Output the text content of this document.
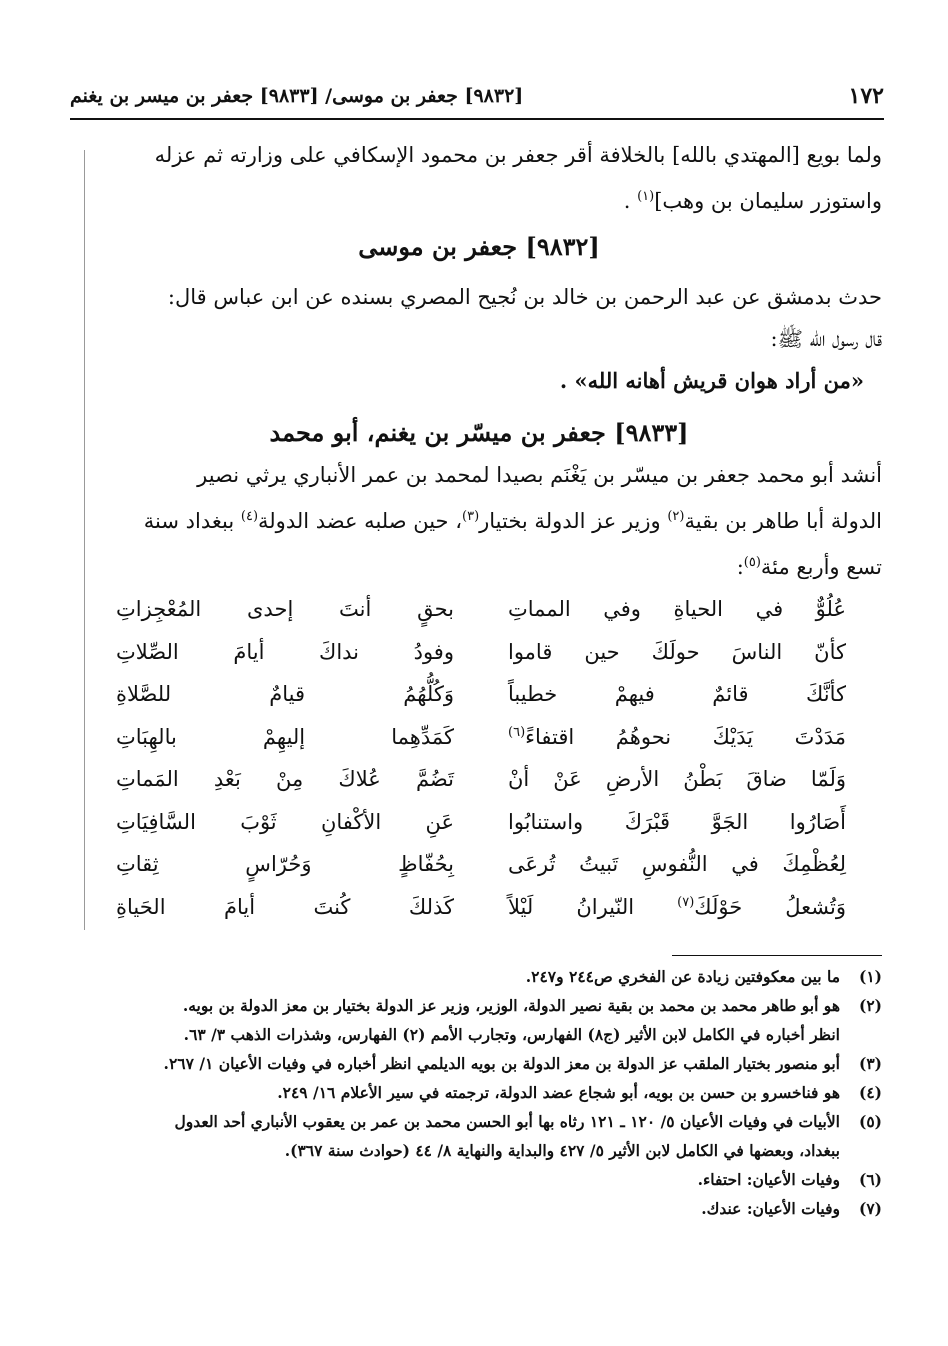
١٧٢
[٩٨٣٢] جعفر بن موسى/ [٩٨٣٣] جعفر بن ميسر بن يغنم

ولما بويع [المهتدي بالله] بالخلافة أقر جعفر بن محمود الإسكافي على وزارته ثم عزله

واستوزر سليمان بن وهب]$^{(١)}$ .

[٩٨٣٢] جعفر بن موسى

حدث بدمشق عن عبد الرحمن بن خالد بن نُجيح المصري بسنده عن ابن عباس قال:

قال رسول الله ﷺ:

«من أراد هوان قريش أهانه الله» .
[٩٨٣٣] جعفر بن ميسّر بن يغنم، أبو محمد

أنشد أبو محمد جعفر بن ميسّر بن يَغْنَم بصيدا لمحمد بن عمر الأنباري يرثي نصير

الدولة أبا طاهر بن بقية$^{(٢)}$ وزير عز الدولة بختيار$^{(٣)}$، حين صلبه عضد الدولة$^{(٤)}$ ببغداد سنة

تسع وأربع مئة$^{(٥)}$:

عُلُوٌّ في الحياةِ وفي المماتِ
بحقٍ أنتَ إحدى المُعْجِزاتِ
كأنّ الناسَ حولَكَ حين قاموا
وفودُ نداكَ أيامَ الصِّلاتِ
كأنَّكَ قائمٌ فيهمْ خطيباً
وَكُلُّهُمُ قيامٌ للصَّلاةِ
مَدَدْتَ يَدَيْكَ نحوهُمُ اقتفاءً$^{(٦)}$
كَمَدِّهِما إليهِمْ بالهِبَاتِ
وَلَمّا ضاقَ بَطْنُ الأرضِ عَنْ أنْ
تَضُمَّ عُلاكَ مِنْ بَعْدِ المَماتِ
أَصَارُوا الجَوَّ قَبْرَكَ واستنابُوا
عَنِ الأكْفانِ ثَوْبَ السَّافِيَاتِ
لِعُظْمِكَ في النُّفوسِ تَبيتُ تُرعَى
بِحُفّاظٍ وَحُرّاسٍ ثِقاتِ
وَتُشعلُ حَوْلَكَ$^{(٧)}$ النّيرانُ لَيْلاً
كَذلكَ كُنتَ أيامَ الحَياةِ
(١)
ما بين معكوفتين زيادة عن الفخري ص٢٤٤ و٢٤٧.
(٢)
هو أبو طاهر محمد بن محمد بن بقية نصير الدولة، الوزير، وزير عز الدولة بختيار بن معز الدولة بن بويه.

انظر أخباره في الكامل لابن الأثير (ج٨) الفهارس، وتجارب الأمم (٢) الفهارس، وشذرات الذهب ٣/ ٦٣.

(٣)
أبو منصور بختيار الملقب عز الدولة بن معز الدولة بن بويه الديلمي انظر أخباره في وفيات الأعيان ١/ ٢٦٧.
(٤)
هو فناخسرو بن حسن بن بويه، أبو شجاع عضد الدولة، ترجمته في سير الأعلام ١٦/ ٢٤٩.
(٥)
الأبيات في وفيات الأعيان ٥/ ١٢٠ ـ ١٢١ رثاه بها أبو الحسن محمد بن عمر بن يعقوب الأنباري أحد العدول

ببغداد، وبعضها في الكامل لابن الأثير ٥/ ٤٢٧ والبداية والنهاية ٨/ ٤٤ (حوادث سنة ٣٦٧).

(٦)
وفيات الأعيان: احتفاء.
(٧)
وفيات الأعيان: عندك.
